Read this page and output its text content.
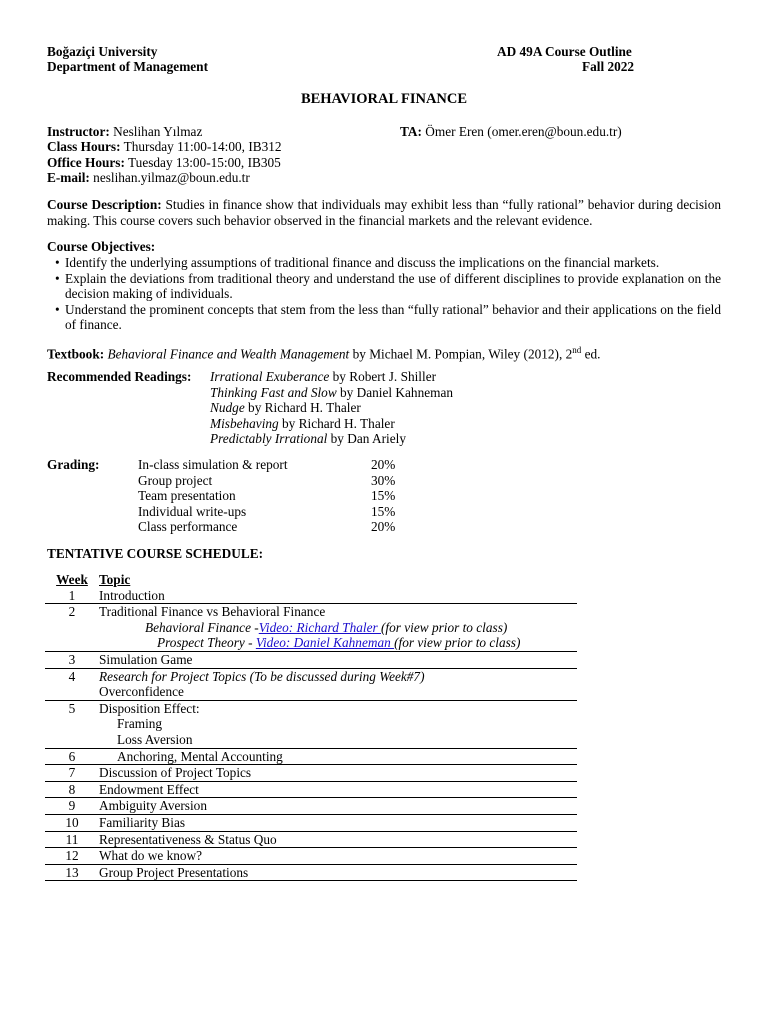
Boğaziçi University
Department of Management
AD 49A Course Outline
Fall 2022
BEHAVIORAL FINANCE
Instructor: Neslihan Yılmaz	TA: Ömer Eren (omer.eren@boun.edu.tr)
Class Hours: Thursday 11:00-14:00, IB312
Office Hours: Tuesday 13:00-15:00, IB305
E-mail: neslihan.yilmaz@boun.edu.tr
Course Description: Studies in finance show that individuals may exhibit less than “fully rational” behavior during decision making. This course covers such behavior observed in the financial markets and the relevant evidence.
Course Objectives:
• Identify the underlying assumptions of traditional finance and discuss the implications on the financial markets.
• Explain the deviations from traditional theory and understand the use of different disciplines to provide explanation on the decision making of individuals.
• Understand the prominent concepts that stem from the less than “fully rational” behavior and their applications on the field of finance.
Textbook: Behavioral Finance and Wealth Management by Michael M. Pompian, Wiley (2012), 2nd ed.
Recommended Readings: Irrational Exuberance by Robert J. Shiller
Thinking Fast and Slow by Daniel Kahneman
Nudge by Richard H. Thaler
Misbehaving by Richard H. Thaler
Predictably Irrational by Dan Ariely
Grading:	In-class simulation & report	20%
Group project	30%
Team presentation	15%
Individual write-ups	15%
Class performance	20%
TENTATIVE COURSE SCHEDULE:
Week	Topic
1	Introduction
2	Traditional Finance vs Behavioral Finance
Behavioral Finance -Video: Richard Thaler (for view prior to class)
Prospect Theory - Video: Daniel Kahneman (for view prior to class)

3	Simulation Game
4	Research for Project Topics (To be discussed during Week#7)
Overconfidence

5	Disposition Effect:
Framing
Loss Aversion

6	Anchoring, Mental Accounting
7	Discussion of Project Topics
8	Endowment Effect
9	Ambiguity Aversion
10	Familiarity Bias
11	Representativeness & Status Quo
12	What do we know?
13	Group Project Presentations
